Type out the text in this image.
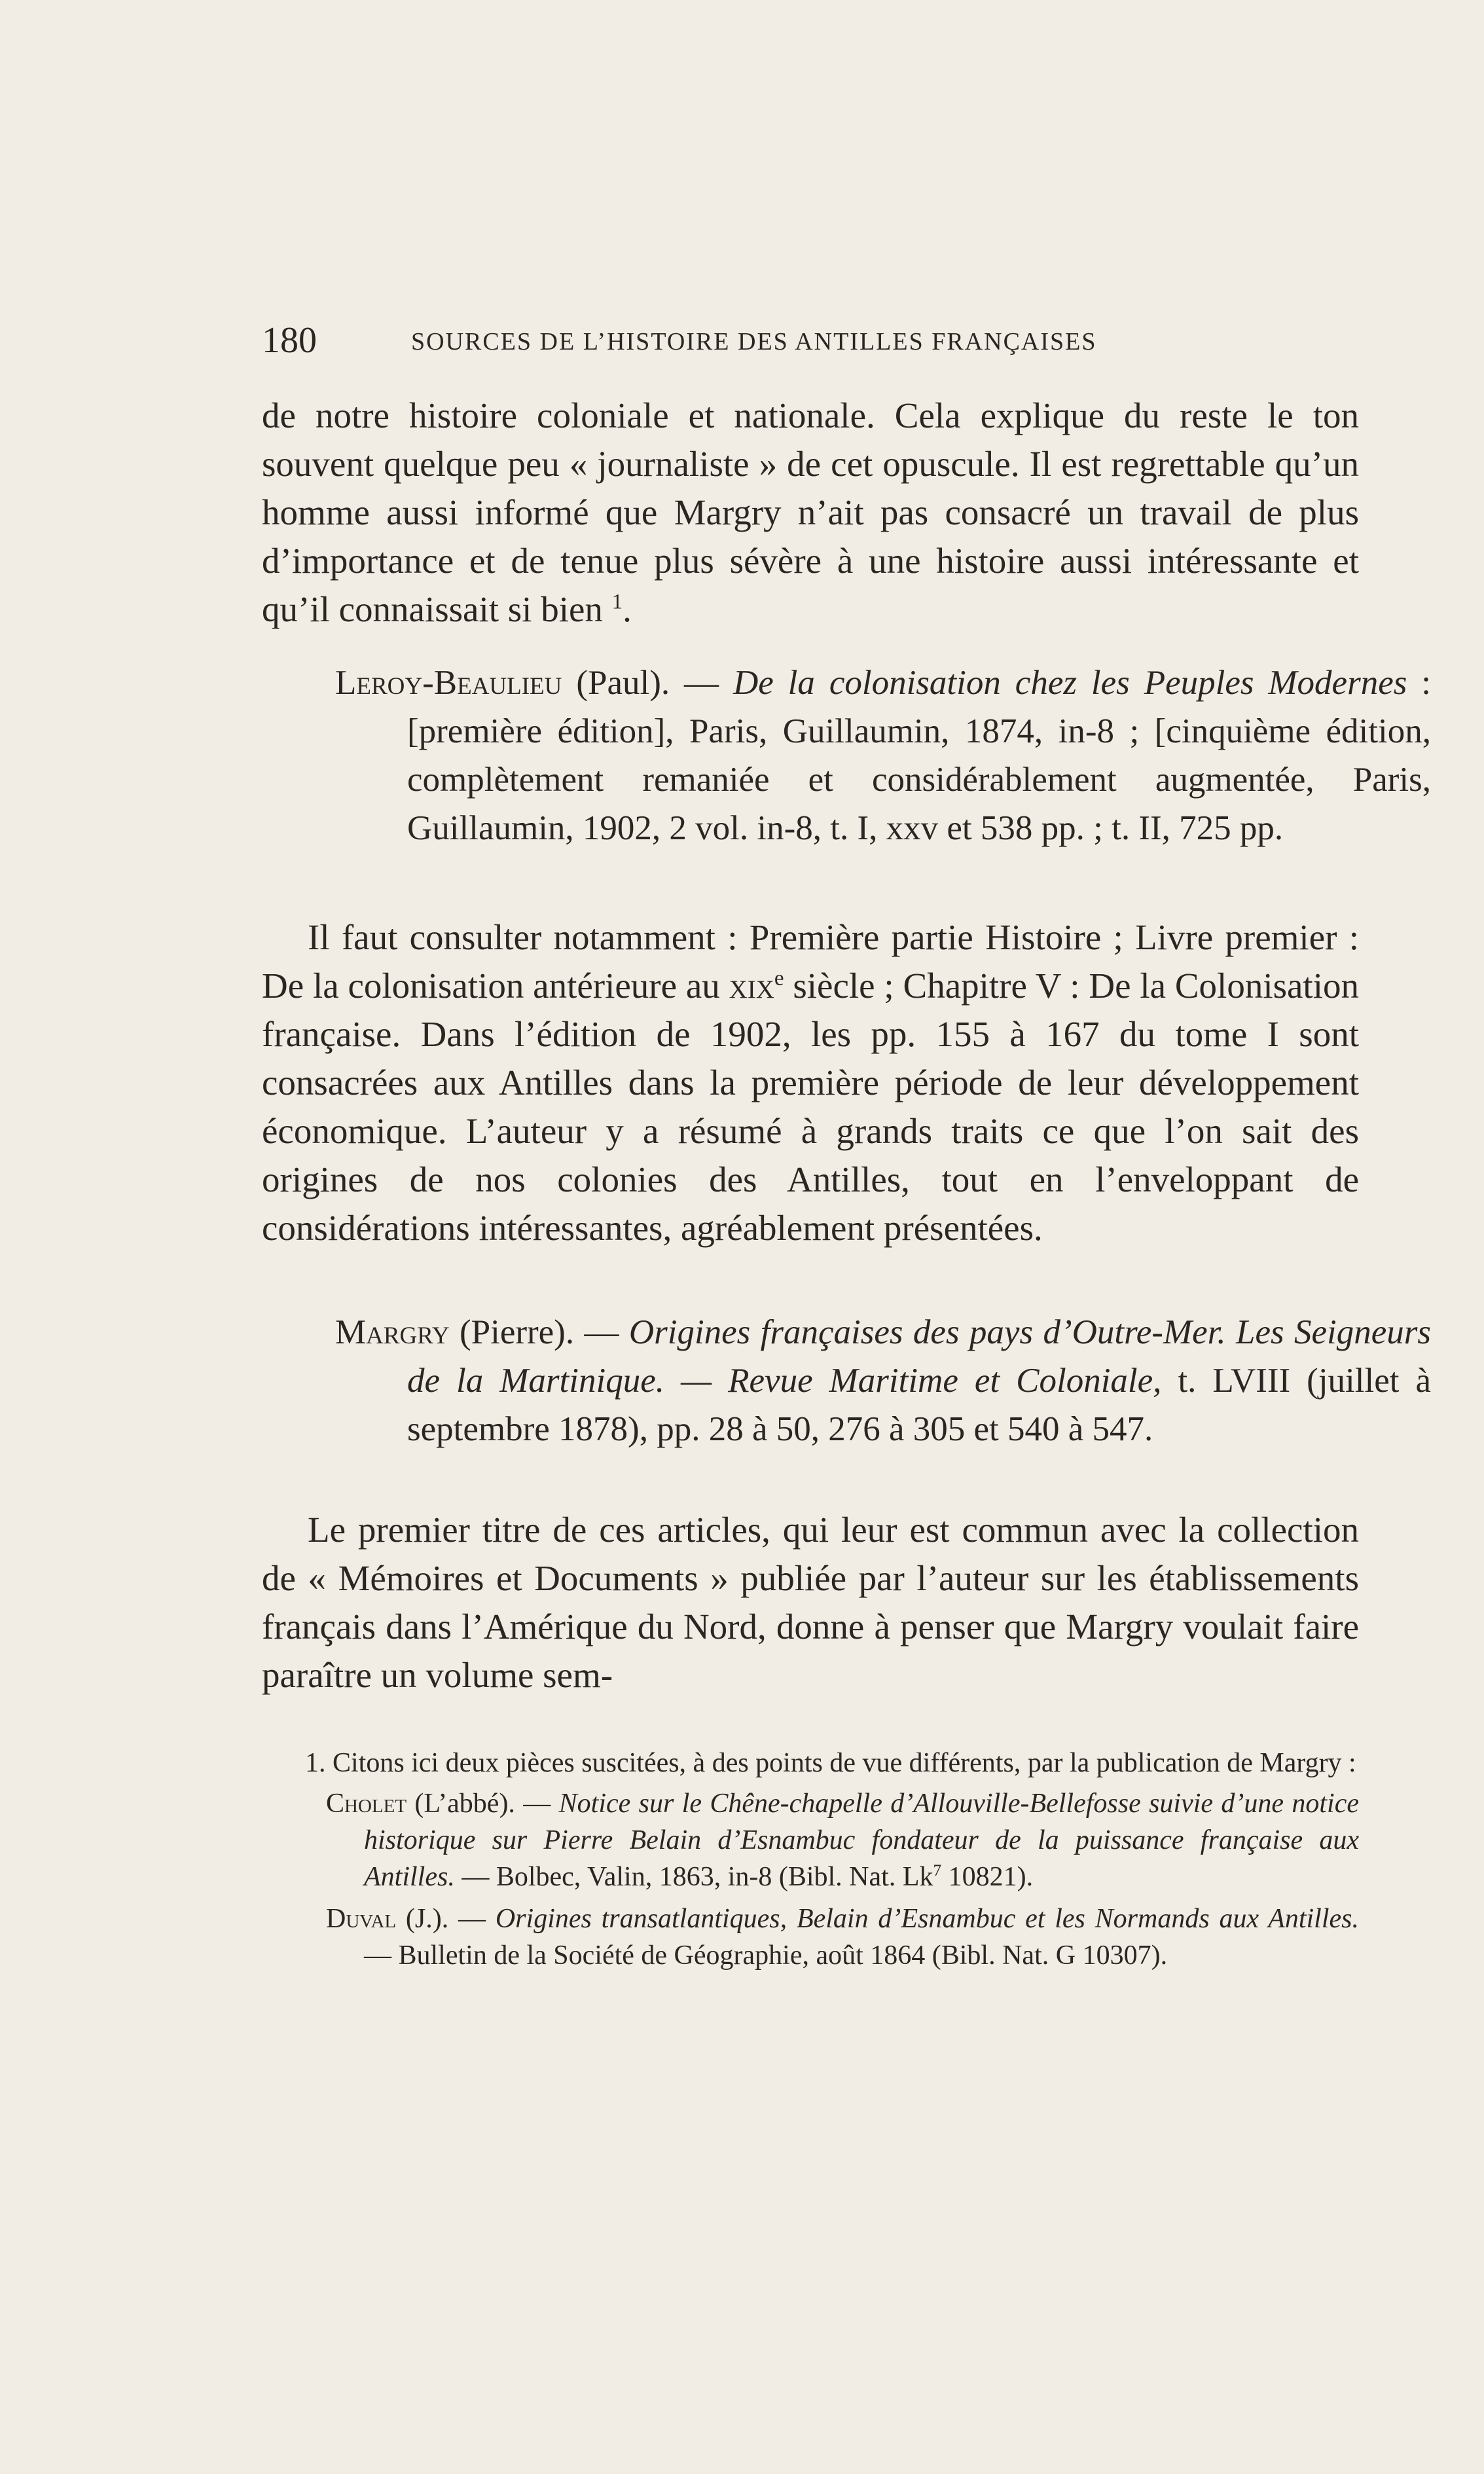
180	SOURCES DE L’HISTOIRE DES ANTILLES FRANÇAISES
de notre histoire coloniale et nationale. Cela explique du reste le ton souvent quelque peu « journaliste » de cet opuscule. Il est regrettable qu’un homme aussi informé que Margry n’ait pas consacré un travail de plus d’importance et de tenue plus sévère à une histoire aussi intéressante et qu’il connaissait si bien $^1$.
Leroy-Beaulieu (Paul). — De la colonisation chez les Peuples Modernes : [première édition], Paris, Guillaumin, 1874, in-8 ; [cinquième édition, complètement remaniée et considérablement augmentée, Paris, Guillaumin, 1902, 2 vol. in-8, t. I, xxv et 538 pp. ; t. II, 725 pp.
Il faut consulter notamment : Première partie Histoire ; Livre premier : De la colonisation antérieure au xix$^e$ siècle ; Chapitre V : De la Colonisation française. Dans l’édition de 1902, les pp. 155 à 167 du tome I sont consacrées aux Antilles dans la première période de leur développement économique. L’auteur y a résumé à grands traits ce que l’on sait des origines de nos colonies des Antilles, tout en l’enveloppant de considérations intéressantes, agréablement présentées.
Margry (Pierre). — Origines françaises des pays d’Outre-Mer. Les Seigneurs de la Martinique. — Revue Maritime et Coloniale, t. LVIII (juillet à septembre 1878), pp. 28 à 50, 276 à 305 et 540 à 547.
Le premier titre de ces articles, qui leur est commun avec la collection de « Mémoires et Documents » publiée par l’auteur sur les établissements français dans l’Amérique du Nord, donne à penser que Margry voulait faire paraître un volume sem-

1. Citons ici deux pièces suscitées, à des points de vue différents, par la publication de Margry :

Cholet (L’abbé). — Notice sur le Chêne-chapelle d’Allouville-Bellefosse suivie d’une notice historique sur Pierre Belain d’Esnambuc fondateur de la puissance française aux Antilles. — Bolbec, Valin, 1863, in-8 (Bibl. Nat. Lk$^7$ 10821).

Duval (J.). — Origines transatlantiques, Belain d’Esnambuc et les Normands aux Antilles. — Bulletin de la Société de Géographie, août 1864 (Bibl. Nat. G 10307).
